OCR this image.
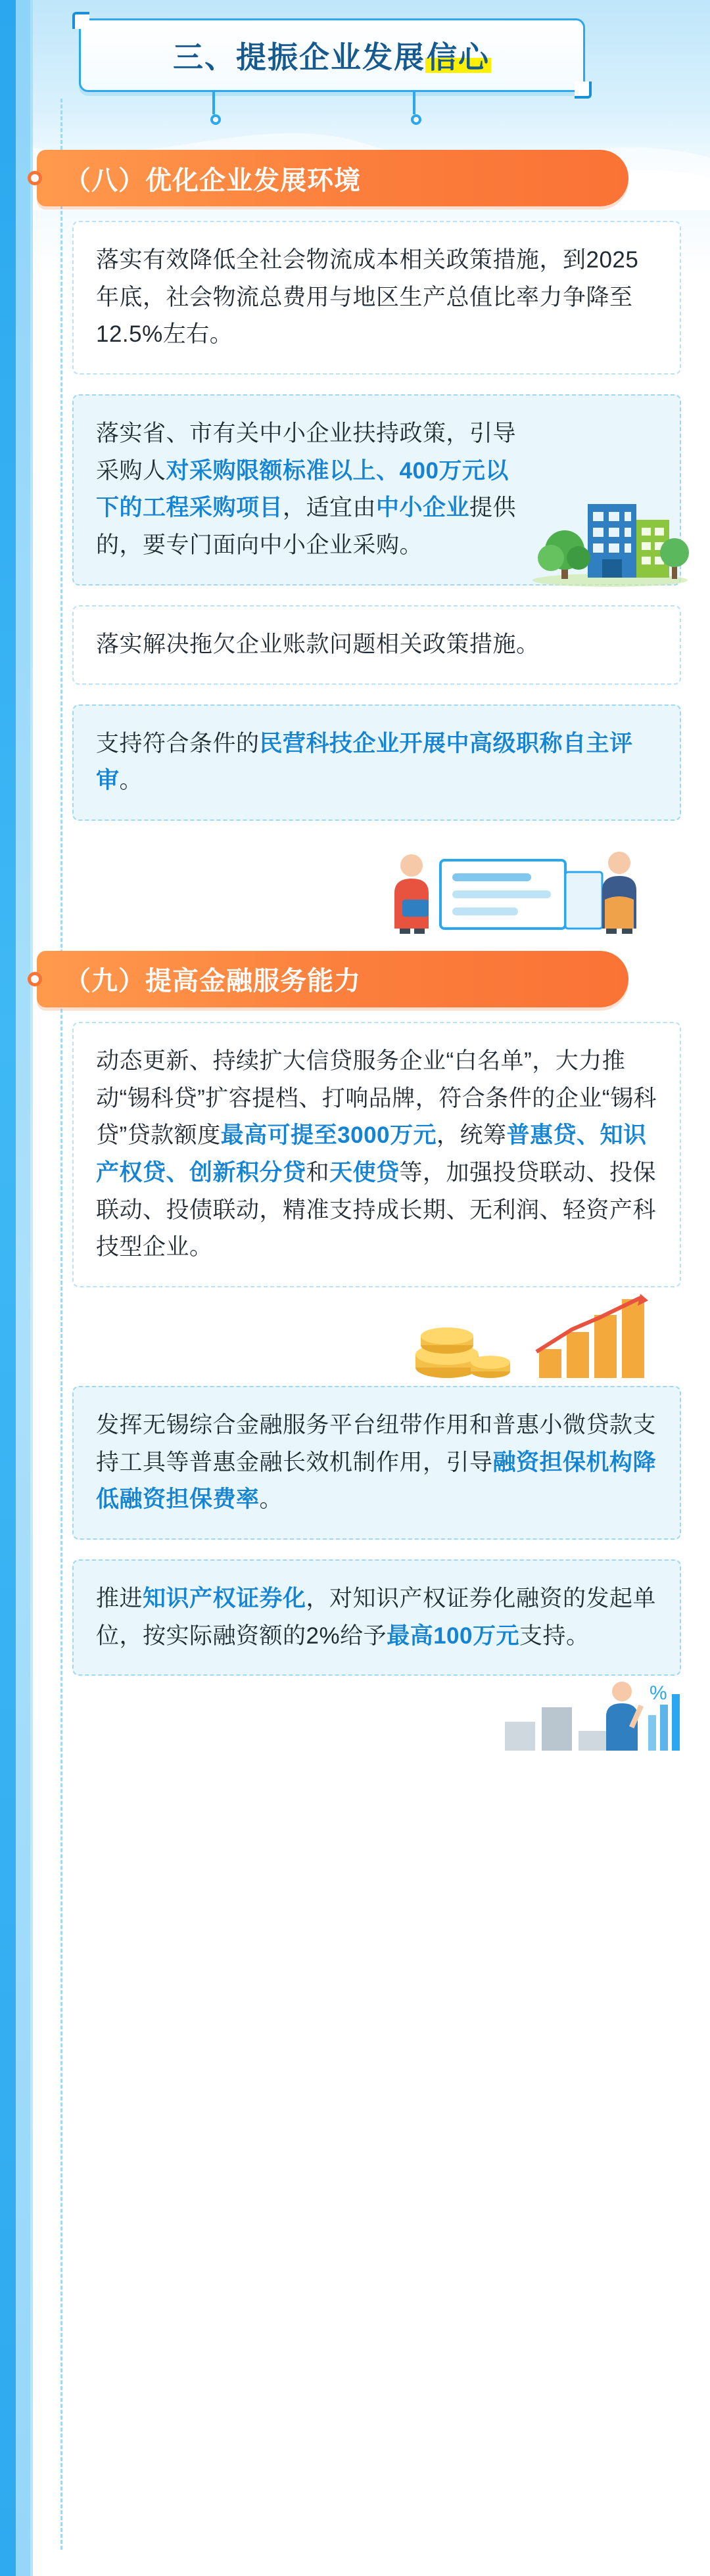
三、提振企业发展信心
（八）优化企业发展环境
落实有效降低全社会物流成本相关政策措施，到2025年底，社会物流总费用与地区生产总值比率力争降至12.5%左右。
落实省、市有关中小企业扶持政策，引导采购人对采购限额标准以上、400万元以下的工程采购项目，适宜由中小企业提供的，要专门面向中小企业采购。
落实解决拖欠企业账款问题相关政策措施。
支持符合条件的民营科技企业开展中高级职称自主评审。
（九）提高金融服务能力
动态更新、持续扩大信贷服务企业“白名单”，大力推动“锡科贷”扩容提档、打响品牌，符合条件的企业“锡科贷”贷款额度最高可提至3000万元，统筹普惠贷、知识产权贷、创新积分贷和天使贷等，加强投贷联动、投保联动、投债联动，精准支持成长期、无利润、轻资产科技型企业。
发挥无锡综合金融服务平台纽带作用和普惠小微贷款支持工具等普惠金融长效机制作用，引导融资担保机构降低融资担保费率。
推进知识产权证券化，对知识产权证券化融资的发起单位，按实际融资额的2%给予最高100万元支持。
%
